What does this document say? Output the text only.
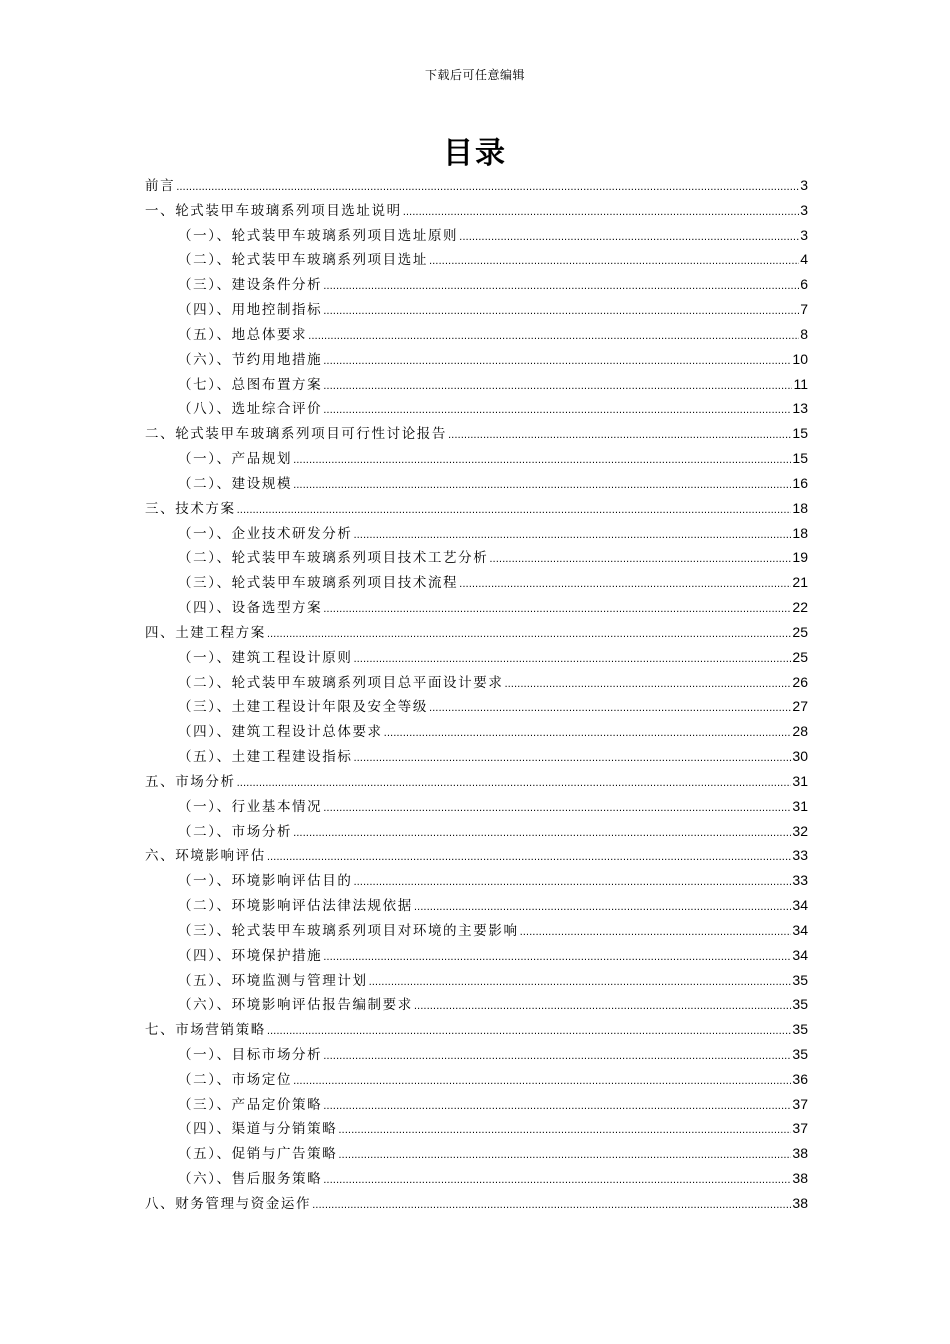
下载后可任意编辑
目录
前言 .....	3
一、轮式装甲车玻璃系列项目选址说明 .....	3
（一）、轮式装甲车玻璃系列项目选址原则 .....	3
（二）、轮式装甲车玻璃系列项目选址 .....	4
（三）、建设条件分析 .....	6
（四）、用地控制指标 .....	7
（五）、地总体要求 .....	8
（六）、节约用地措施 .....	10
（七）、总图布置方案 .....	11
（八）、选址综合评价 .....	13
二、轮式装甲车玻璃系列项目可行性讨论报告 .....	15
（一）、产品规划 .....	15
（二）、建设规模 .....	16
三、技术方案 .....	18
（一）、企业技术研发分析 .....	18
（二）、轮式装甲车玻璃系列项目技术工艺分析 .....	19
（三）、轮式装甲车玻璃系列项目技术流程 .....	21
（四）、设备选型方案 .....	22
四、土建工程方案 .....	25
（一）、建筑工程设计原则 .....	25
（二）、轮式装甲车玻璃系列项目总平面设计要求 .....	26
（三）、土建工程设计年限及安全等级 .....	27
（四）、建筑工程设计总体要求 .....	28
（五）、土建工程建设指标 .....	30
五、市场分析 .....	31
（一）、行业基本情况 .....	31
（二）、市场分析 .....	32
六、环境影响评估 .....	33
（一）、环境影响评估目的 .....	33
（二）、环境影响评估法律法规依据 .....	34
（三）、轮式装甲车玻璃系列项目对环境的主要影响 .....	34
（四）、环境保护措施 .....	34
（五）、环境监测与管理计划 .....	35
（六）、环境影响评估报告编制要求 .....	35
七、市场营销策略 .....	35
（一）、目标市场分析 .....	35
（二）、市场定位 .....	36
（三）、产品定价策略 .....	37
（四）、渠道与分销策略 .....	37
（五）、促销与广告策略 .....	38
（六）、售后服务策略 .....	38
八、财务管理与资金运作 .....	38
